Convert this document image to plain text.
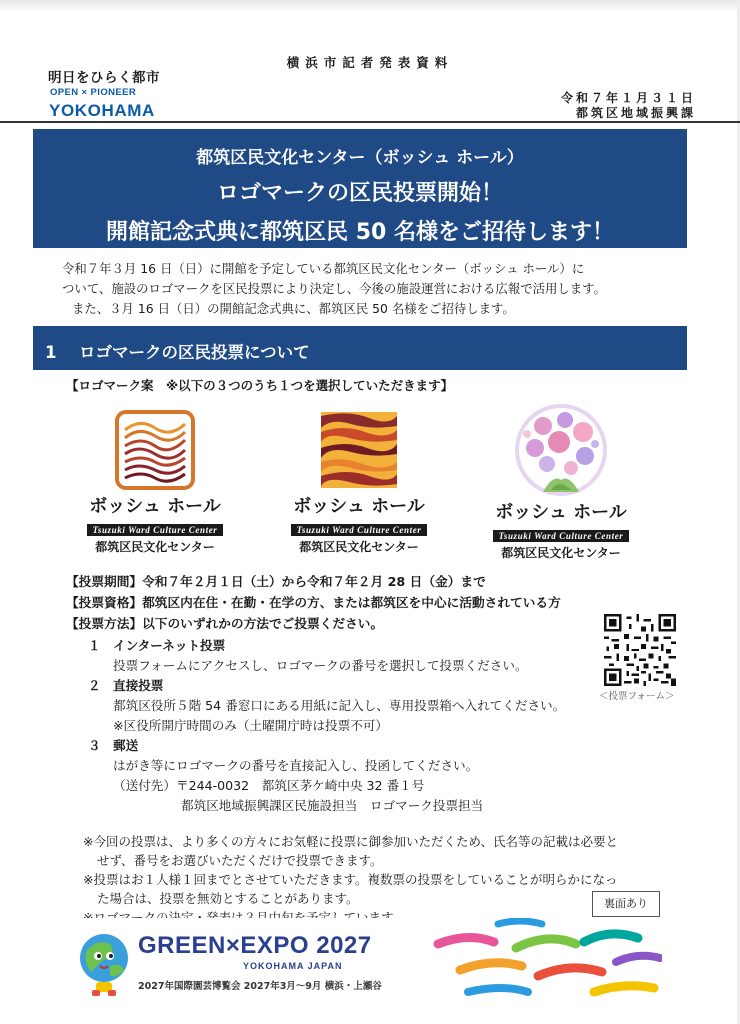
横浜市記者発表資料
明日をひらく都市
OPEN × PIONEER
YOKOHAMA
令和７年１月３１日
都筑区地域振興課
都筑区民文化センター（ボッシュ ホール）
ロゴマークの区民投票開始！
開館記念式典に都筑区民 50 名様をご招待します！

令和７年３月 16 日（日）に開館を予定している都筑区民文化センター（ボッシュ ホール）に

ついて、施設のロゴマークを区民投票により決定し、今後の施設運営における広報で活用します。

また、３月 16 日（日）の開館記念式典に、都筑区民 50 名様をご招待します。

1 ロゴマークの区民投票について
【ロゴマーク案　※以下の３つのうち１つを選択していただきます】
ボッシュ ホール
Tsuzuki Ward Culture Center
都筑区民文化センター
ボッシュ ホール
Tsuzuki Ward Culture Center
都筑区民文化センター
ボッシュ ホール
Tsuzuki Ward Culture Center
都筑区民文化センター

【投票期間】令和７年２月１日（土）から令和７年２月 28 日（金）まで

【投票資格】都筑区内在住・在勤・在学の方、または都筑区を中心に活動されている方

【投票方法】以下のいずれかの方法でご投票ください。

１ インターネット投票

投票フォームにアクセスし、ロゴマークの番号を選択して投票ください。

２ 直接投票

都筑区役所５階 54 番窓口にある用紙に記入し、専用投票箱へ入れてください。

※区役所開庁時間のみ（土曜開庁時は投票不可）

３ 郵送

はがき等にロゴマークの番号を直接記入し、投函してください。

（送付先）〒244-0032　都筑区茅ケ崎中央 32 番１号

都筑区地域振興課区民施設担当　ロゴマーク投票担当

＜投票フォーム＞

※今回の投票は、より多くの方々にお気軽に投票に御参加いただくため、氏名等の記載は必要と

せず、番号をお選びいただくだけで投票できます。

※投票はお１人様１回までとさせていただきます。複数票の投票をしていることが明らかになっ

た場合は、投票を無効とすることがあります。	裏面あり
GREEN×EXPO 2027
YOKOHAMA JAPAN
2027年国際園芸博覧会 2027年3月～9月 横浜・上瀬谷
